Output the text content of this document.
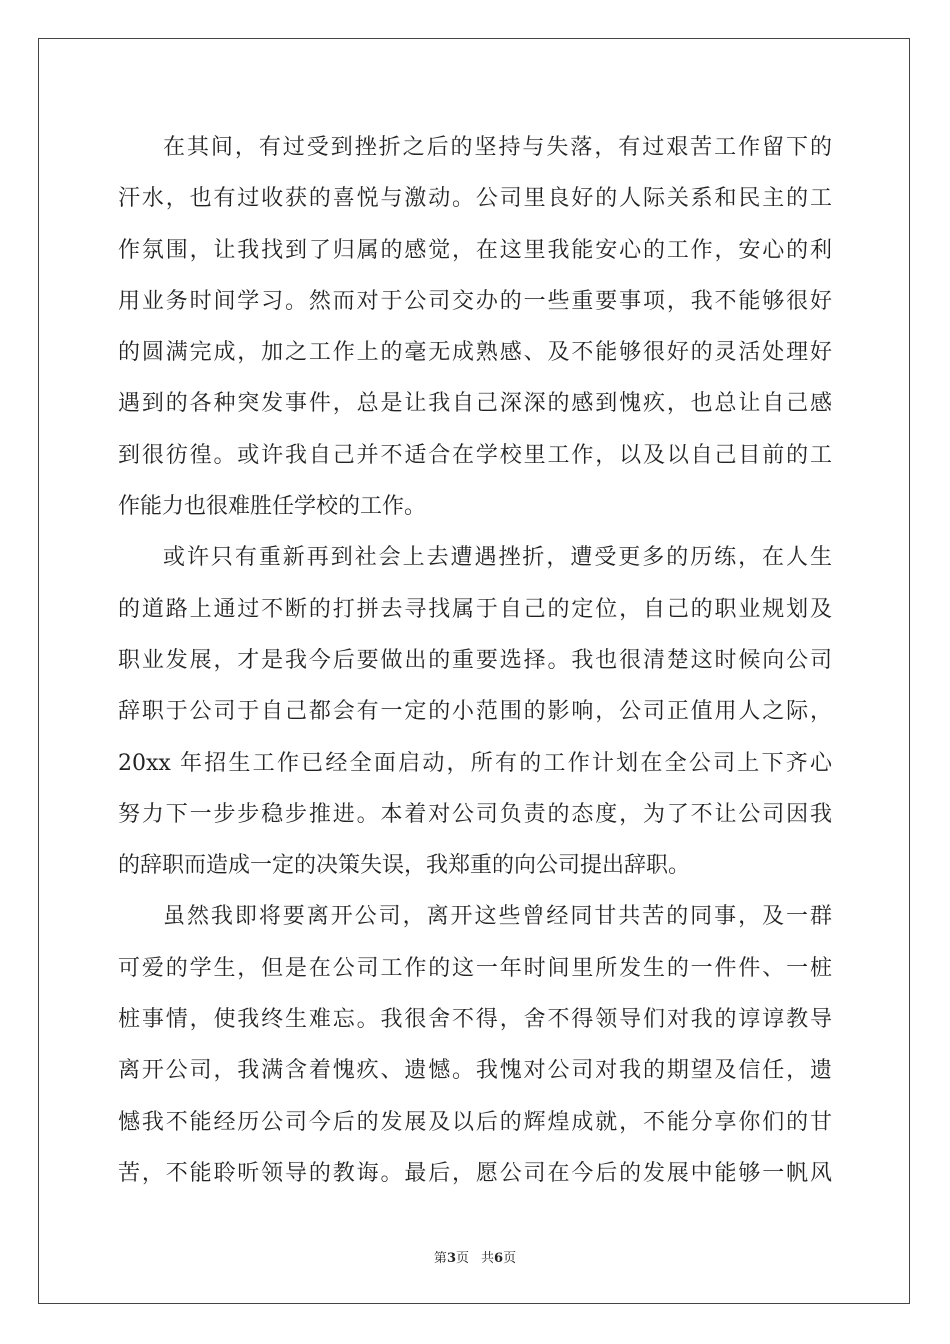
在其间，有过受到挫折之后的坚持与失落，有过艰苦工作留下的
汗水，也有过收获的喜悦与激动。公司里良好的人际关系和民主的工
作氛围，让我找到了归属的感觉，在这里我能安心的工作，安心的利
用业务时间学习。然而对于公司交办的一些重要事项，我不能够很好
的圆满完成，加之工作上的毫无成熟感、及不能够很好的灵活处理好
遇到的各种突发事件，总是让我自己深深的感到愧疚，也总让自己感
到很彷徨。或许我自己并不适合在学校里工作，以及以自己目前的工
作能力也很难胜任学校的工作。
或许只有重新再到社会上去遭遇挫折，遭受更多的历练，在人生
的道路上通过不断的打拼去寻找属于自己的定位，自己的职业规划及
职业发展，才是我今后要做出的重要选择。我也很清楚这时候向公司
辞职于公司于自己都会有一定的小范围的影响，公司正值用人之际，
20xx 年招生工作已经全面启动，所有的工作计划在全公司上下齐心
努力下一步步稳步推进。本着对公司负责的态度，为了不让公司因我
的辞职而造成一定的决策失误，我郑重的向公司提出辞职。
虽然我即将要离开公司，离开这些曾经同甘共苦的同事，及一群
可爱的学生，但是在公司工作的这一年时间里所发生的一件件、一桩
桩事情，使我终生难忘。我很舍不得，舍不得领导们对我的谆谆教导
离开公司，我满含着愧疚、遗憾。我愧对公司对我的期望及信任，遗
憾我不能经历公司今后的发展及以后的辉煌成就，不能分享你们的甘
苦，不能聆听领导的教诲。最后，愿公司在今后的发展中能够一帆风
第3页 共6页
